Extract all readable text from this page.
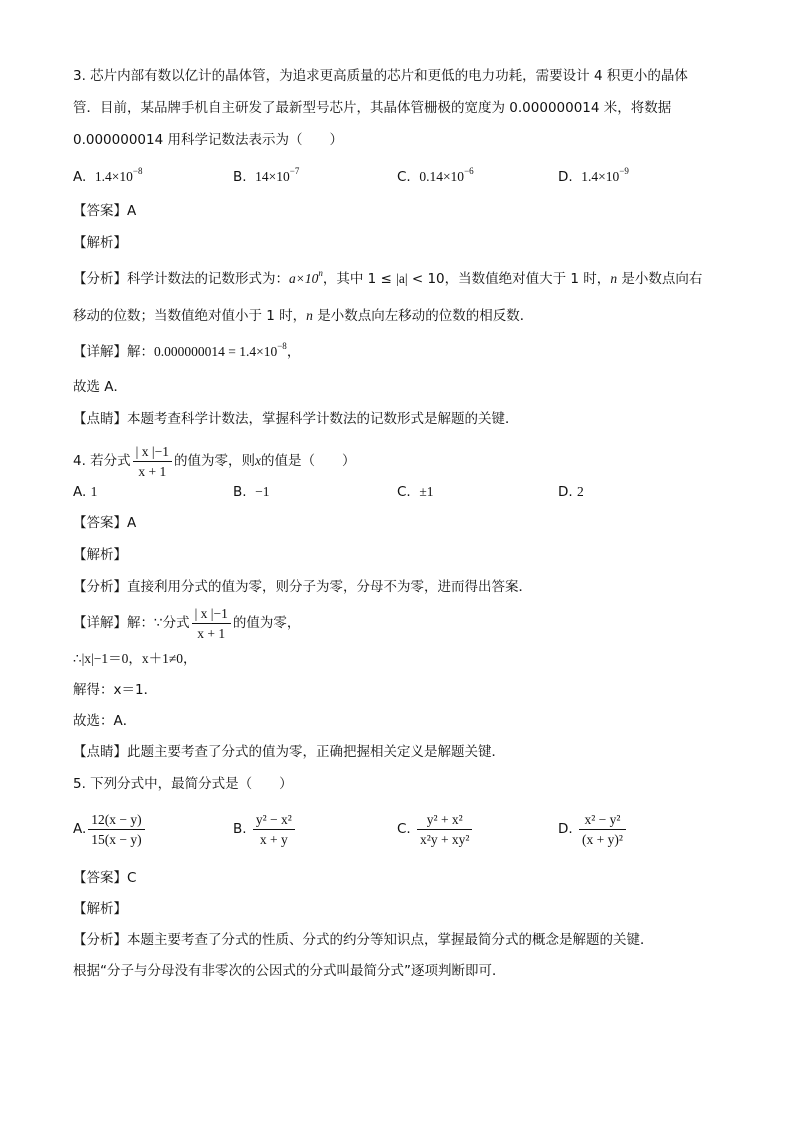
3. 芯片内部有数以亿计的晶体管，为追求更高质量的芯片和更低的电力功耗，需要设计 4 积更小的晶体
管．目前，某品牌手机自主研发了最新型号芯片，其晶体管栅极的宽度为 0.000000014 米，将数据
0.000000014 用科学记数法表示为（　　）
A. $1.4\times 10^{-8}$	B. $14\times 10^{-7}$	C. $0.14\times 10^{-6}$	D. $1.4\times 10^{-9}$
【答案】A
【解析】
【分析】科学计数法的记数形式为：$a\times 10^n$，其中 1 ≤ |a| < 10，当数值绝对值大于 1 时，n 是小数点向右
移动的位数；当数值绝对值小于 1 时，n 是小数点向左移动的位数的相反数．
【详解】解：$0.000000014 = 1.4\times 10^{-8}$，
故选 A．
【点睛】本题考查科学计数法，掌握科学计数法的记数形式是解题的关键．
4. 若分式 $\frac{| x |-1}{x + 1}$ 的值为零，则x的值是（　　）
A. 1	B. −1	C. ±1	D. 2
【答案】A
【解析】
【分析】直接利用分式的值为零，则分子为零，分母不为零，进而得出答案．
【详解】解：∵分式 $\frac{| x |-1}{x + 1}$ 的值为零，
∴|x|−1＝0，x＋1≠0，
解得：x＝1．
故选：A．
【点睛】此题主要考查了分式的值为零，正确把握相关定义是解题关键．
5. 下列分式中，最简分式是（　　）
A. $\frac{12(x - y)}{15(x - y)}$	B. $\frac{\text{y² − x²}}{x + y}$	C. $\frac{\text{y² + x²}}{\text{x²y + xy²}}$	D. $\frac{\text{x² − y²}}{\text{(x + y)²}}$
【答案】C
【解析】
【分析】本题主要考查了分式的性质、分式的约分等知识点，掌握最简分式的概念是解题的关键．
根据“分子与分母没有非零次的公因式的分式叫最简分式”逐项判断即可．
